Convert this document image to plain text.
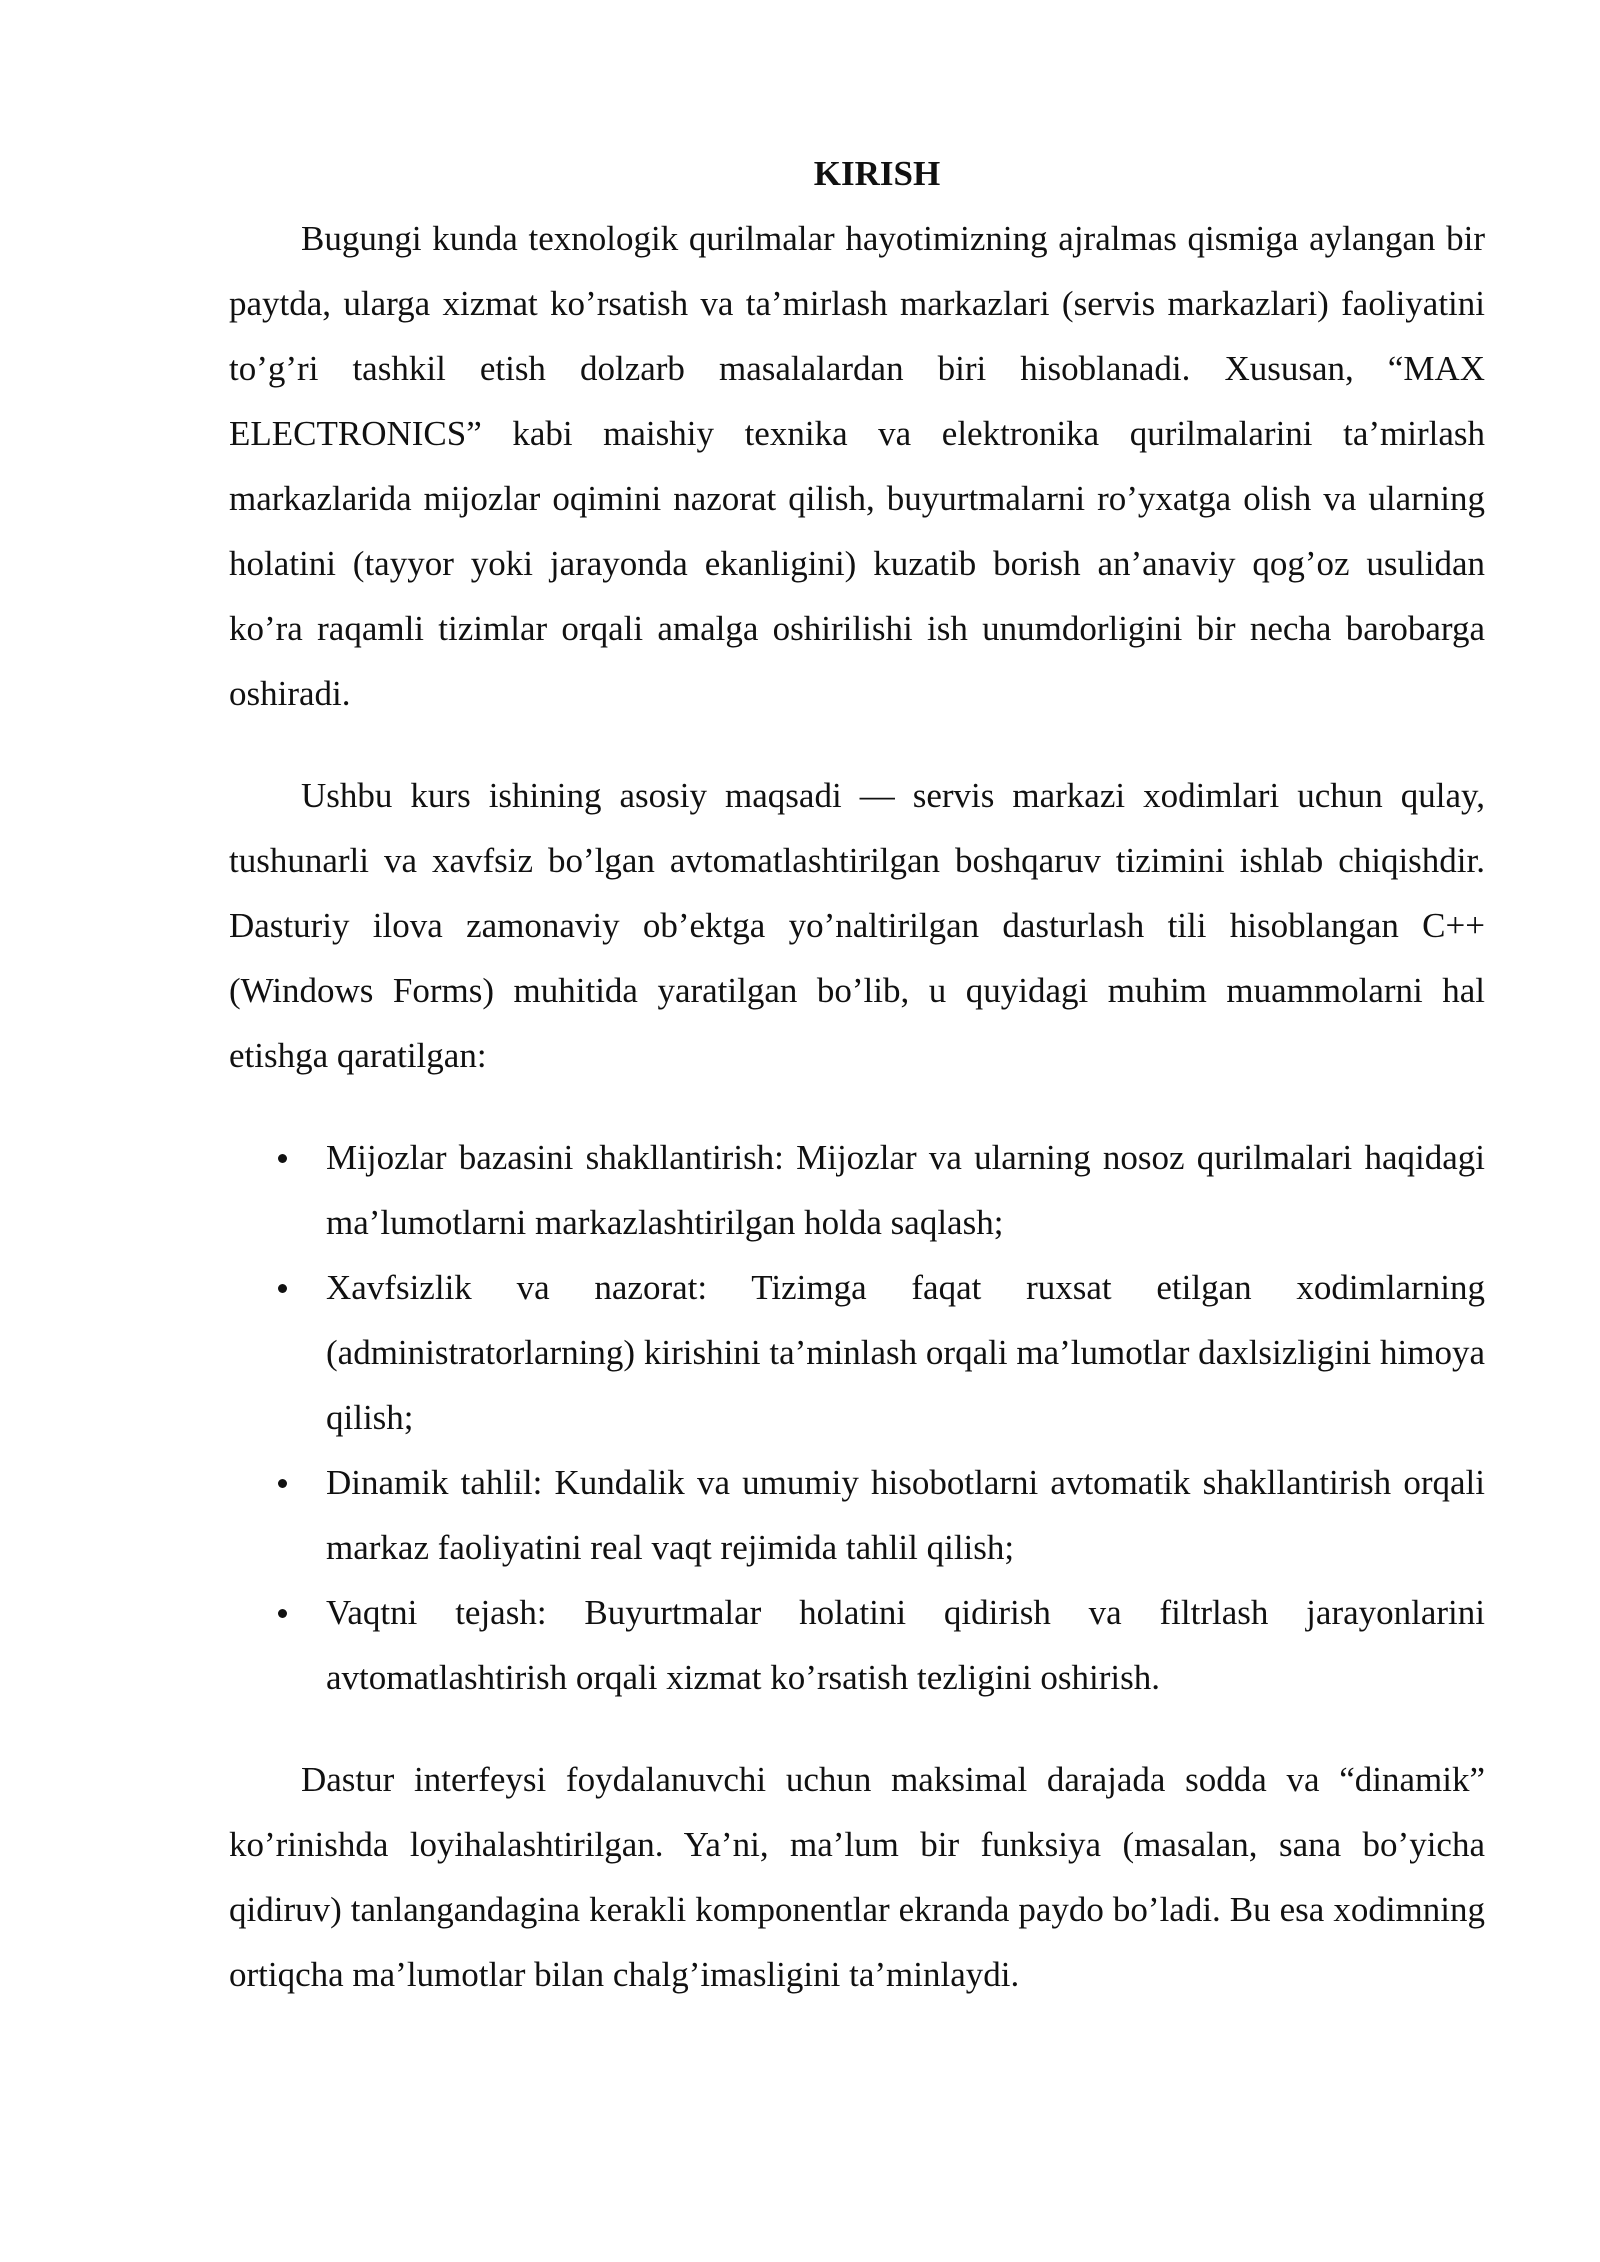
KIRISH

Bugungi kunda texnologik qurilmalar hayotimizning ajralmas qismiga aylangan bir paytda, ularga xizmat ko’rsatish va ta’mirlash markazlari (servis markazlari) faoliyatini to’g’ri tashkil etish dolzarb masalalardan biri hisoblanadi. Xususan, “MAX ELECTRONICS” kabi maishiy texnika va elektronika qurilmalarini ta’mirlash markazlarida mijozlar oqimini nazorat qilish, buyurtmalarni ro’yxatga olish va ularning holatini (tayyor yoki jarayonda ekanligini) kuzatib borish an’anaviy qog’oz usulidan ko’ra raqamli tizimlar orqali amalga oshirilishi ish unumdorligini bir necha barobarga oshiradi.

Ushbu kurs ishining asosiy maqsadi — servis markazi xodimlari uchun qulay, tushunarli va xavfsiz bo’lgan avtomatlashtirilgan boshqaruv tizimini ishlab chiqishdir. Dasturiy ilova zamonaviy ob’ektga yo’naltirilgan dasturlash tili hisoblangan C++ (Windows Forms) muhitida yaratilgan bo’lib, u quyidagi muhim muammolarni hal etishga qaratilgan:

Mijozlar bazasini shakllantirish: Mijozlar va ularning nosoz qurilmalari haqidagi ma’lumotlarni markazlashtirilgan holda saqlash;
Xavfsizlik va nazorat: Tizimga faqat ruxsat etilgan xodimlarning (administratorlarning) kirishini ta’minlash orqali ma’lumotlar daxlsizligini himoya qilish;
Dinamik tahlil: Kundalik va umumiy hisobotlarni avtomatik shakllantirish orqali markaz faoliyatini real vaqt rejimida tahlil qilish;
Vaqtni tejash: Buyurtmalar holatini qidirish va filtrlash jarayonlarini avtomatlashtirish orqali xizmat ko’rsatish tezligini oshirish.

Dastur interfeysi foydalanuvchi uchun maksimal darajada sodda va “dinamik” ko’rinishda loyihalashtirilgan. Ya’ni, ma’lum bir funksiya (masalan, sana bo’yicha qidiruv) tanlangandagina kerakli komponentlar ekranda paydo bo’ladi. Bu esa xodimning ortiqcha ma’lumotlar bilan chalg’imasligini ta’minlaydi.
